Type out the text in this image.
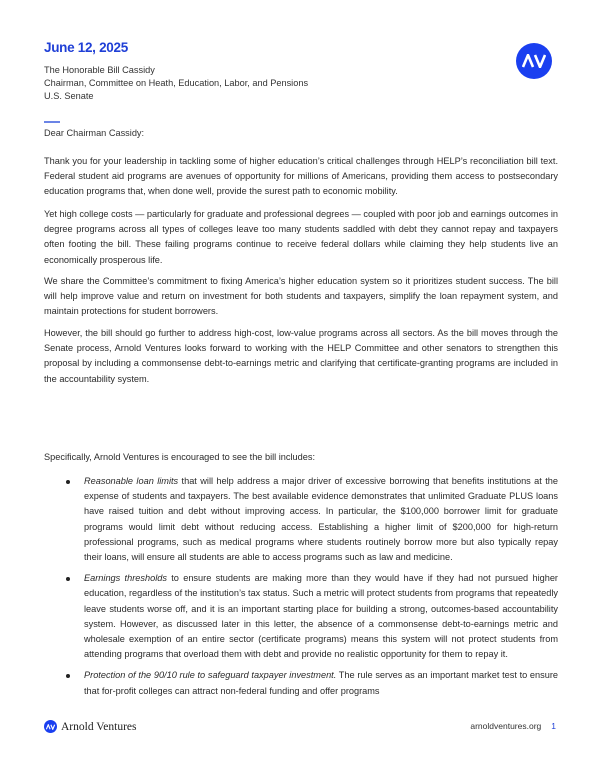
June 12, 2025
The Honorable Bill Cassidy
Chairman, Committee on Heath, Education, Labor, and Pensions
U.S. Senate
Dear Chairman Cassidy:

Thank you for your leadership in tackling some of higher education’s critical challenges through HELP’s reconciliation bill text. Federal student aid programs are avenues of opportunity for millions of Americans, providing them access to postsecondary education programs that, when done well, provide the surest path to economic mobility.

Yet high college costs — particularly for graduate and professional degrees — coupled with poor job and earnings outcomes in degree programs across all types of colleges leave too many students saddled with debt they cannot repay and taxpayers often footing the bill. These failing programs continue to receive federal dollars while claiming they help students live an economically prosperous life.

We share the Committee’s commitment to fixing America’s higher education system so it prioritizes student success. The bill will help improve value and return on investment for both students and taxpayers, simplify the loan repayment system, and maintain protections for student borrowers.

However, the bill should go further to address high-cost, low-value programs across all sectors. As the bill moves through the Senate process, Arnold Ventures looks forward to working with the HELP Committee and other senators to strengthen this proposal by including a commonsense debt-to-earnings metric and clarifying that certificate-granting programs are included in the accountability system.

Specifically, Arnold Ventures is encouraged to see the bill includes:

Reasonable loan limits that will help address a major driver of excessive borrowing that benefits institutions at the expense of students and taxpayers. The best available evidence demonstrates that unlimited Graduate PLUS loans have raised tuition and debt without improving access. In particular, the $100,000 borrower limit for graduate programs would limit debt without reducing access. Establishing a higher limit of $200,000 for high-return professional programs, such as medical programs where students routinely borrow more but also typically repay their loans, will ensure all students are able to access programs such as law and medicine.
Earnings thresholds to ensure students are making more than they would have if they had not pursued higher education, regardless of the institution’s tax status. Such a metric will protect students from programs that repeatedly leave students worse off, and it is an important starting place for building a strong, outcomes-based accountability system. However, as discussed later in this letter, the absence of a commonsense debt-to-earnings metric and wholesale exemption of an entire sector (certificate programs) means this system will not protect students from attending programs that overload them with debt and provide no realistic opportunity for them to repay it.
Protection of the 90/10 rule to safeguard taxpayer investment. The rule serves as an important market test to ensure that for-profit colleges can attract non-federal funding and offer programs
Arnold Ventures	arnoldventures.org 1
